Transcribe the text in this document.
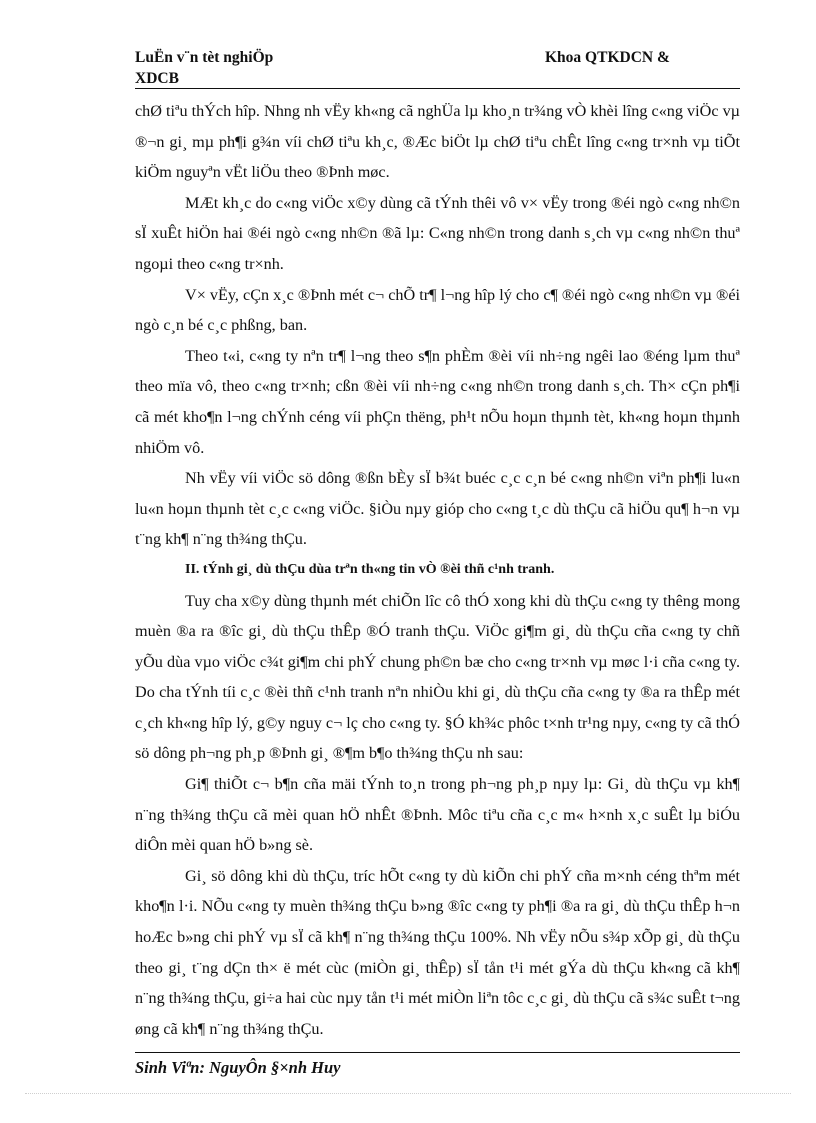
LuËn v¨n tèt nghiÖp
XDCB
Khoa QTKDCN &

chØ tiªu thÝch hîp. Nhng nh vËy kh«ng cã nghÜa lµ kho¸n tr¾ng vÒ khèi lîng c«ng viÖc vµ ®¬n gi¸ mµ ph¶i g¾n víi chØ tiªu kh¸c, ®Æc biÖt lµ chØ tiªu chÊt lîng c«ng tr×nh vµ tiÕt kiÖm nguyªn vËt liÖu theo ®Þnh møc.

MÆt kh¸c do c«ng viÖc x©y dùng cã tÝnh thêi vô v× vËy trong ®éi ngò c«ng nh©n sÏ xuÊt hiÖn hai ®éi ngò c«ng nh©n ®ã lµ: C«ng nh©n trong danh s¸ch vµ c«ng nh©n thuª ngoµi theo c«ng tr×nh.

V× vËy, cÇn x¸c ®Þnh mét c¬ chÕ tr¶ l¬ng hîp lý cho c¶ ®éi ngò c«ng nh©n vµ ®éi ngò c¸n bé c¸c phßng, ban.

Theo t«i, c«ng ty nªn tr¶ l¬ng theo s¶n phÈm ®èi víi nh÷ng ngêi lao ®éng lµm thuª theo mïa vô, theo c«ng tr×nh; cßn ®èi víi nh÷ng c«ng nh©n trong danh s¸ch. Th× cÇn ph¶i cã mét kho¶n l¬ng chÝnh céng víi phÇn thëng, ph¹t nÕu hoµn thµnh tèt, kh«ng hoµn thµnh nhiÖm vô.

Nh vËy víi viÖc sö dông ®ßn bÈy sÏ b¾t buéc c¸c c¸n bé c«ng nh©n viªn ph¶i lu«n lu«n hoµn thµnh tèt c¸c c«ng viÖc. §iÒu nµy gióp cho c«ng t¸c dù thÇu cã hiÖu qu¶ h¬n vµ t¨ng kh¶ n¨ng th¾ng thÇu.

II. tÝnh gi¸ dù thÇu dùa trªn th«ng tin vÒ ®èi thñ c¹nh tranh.

Tuy cha x©y dùng thµnh mét chiÕn lîc cô thÓ xong khi dù thÇu c«ng ty thêng mong muèn ®a ra ®îc gi¸ dù thÇu thÊp ®Ó tranh thÇu. ViÖc gi¶m gi¸ dù thÇu cña c«ng ty chñ yÕu dùa vµo viÖc c¾t gi¶m chi phÝ chung ph©n bæ cho c«ng tr×nh vµ møc l·i cña c«ng ty. Do cha tÝnh tíi c¸c ®èi thñ c¹nh tranh nªn nhiÒu khi gi¸ dù thÇu cña c«ng ty ®a ra thÊp mét c¸ch kh«ng hîp lý, g©y nguy c¬ lç cho c«ng ty. §Ó kh¾c phôc t×nh tr¹ng nµy, c«ng ty cã thÓ sö dông ph¬ng ph¸p ®Þnh gi¸ ®¶m b¶o th¾ng thÇu nh sau:

Gi¶ thiÕt c¬ b¶n cña mäi tÝnh to¸n trong ph¬ng ph¸p nµy lµ: Gi¸ dù thÇu vµ kh¶ n¨ng th¾ng thÇu cã mèi quan hÖ nhÊt ®Þnh. Môc tiªu cña c¸c m« h×nh x¸c suÊt lµ biÓu diÔn mèi quan hÖ b»ng sè.

Gi¸ sö dông khi dù thÇu, tríc hÕt c«ng ty dù kiÕn chi phÝ cña m×nh céng thªm mét kho¶n l·i. NÕu c«ng ty muèn th¾ng thÇu b»ng ®îc c«ng ty ph¶i ®a ra gi¸ dù thÇu thÊp h¬n hoÆc b»ng chi phÝ vµ sÏ cã kh¶ n¨ng th¾ng thÇu 100%. Nh vËy nÕu s¾p xÕp gi¸ dù thÇu theo gi¸ t¨ng dÇn th× ë mét cùc (miÒn gi¸ thÊp) sÏ tån t¹i mét gÝa dù thÇu kh«ng cã kh¶ n¨ng th¾ng thÇu, gi÷a hai cùc nµy tån t¹i mét miÒn liªn tôc c¸c gi¸ dù thÇu cã s¾c suÊt t¬ng øng cã kh¶ n¨ng th¾ng thÇu.

Sinh Viªn: NguyÔn §×nh Huy
